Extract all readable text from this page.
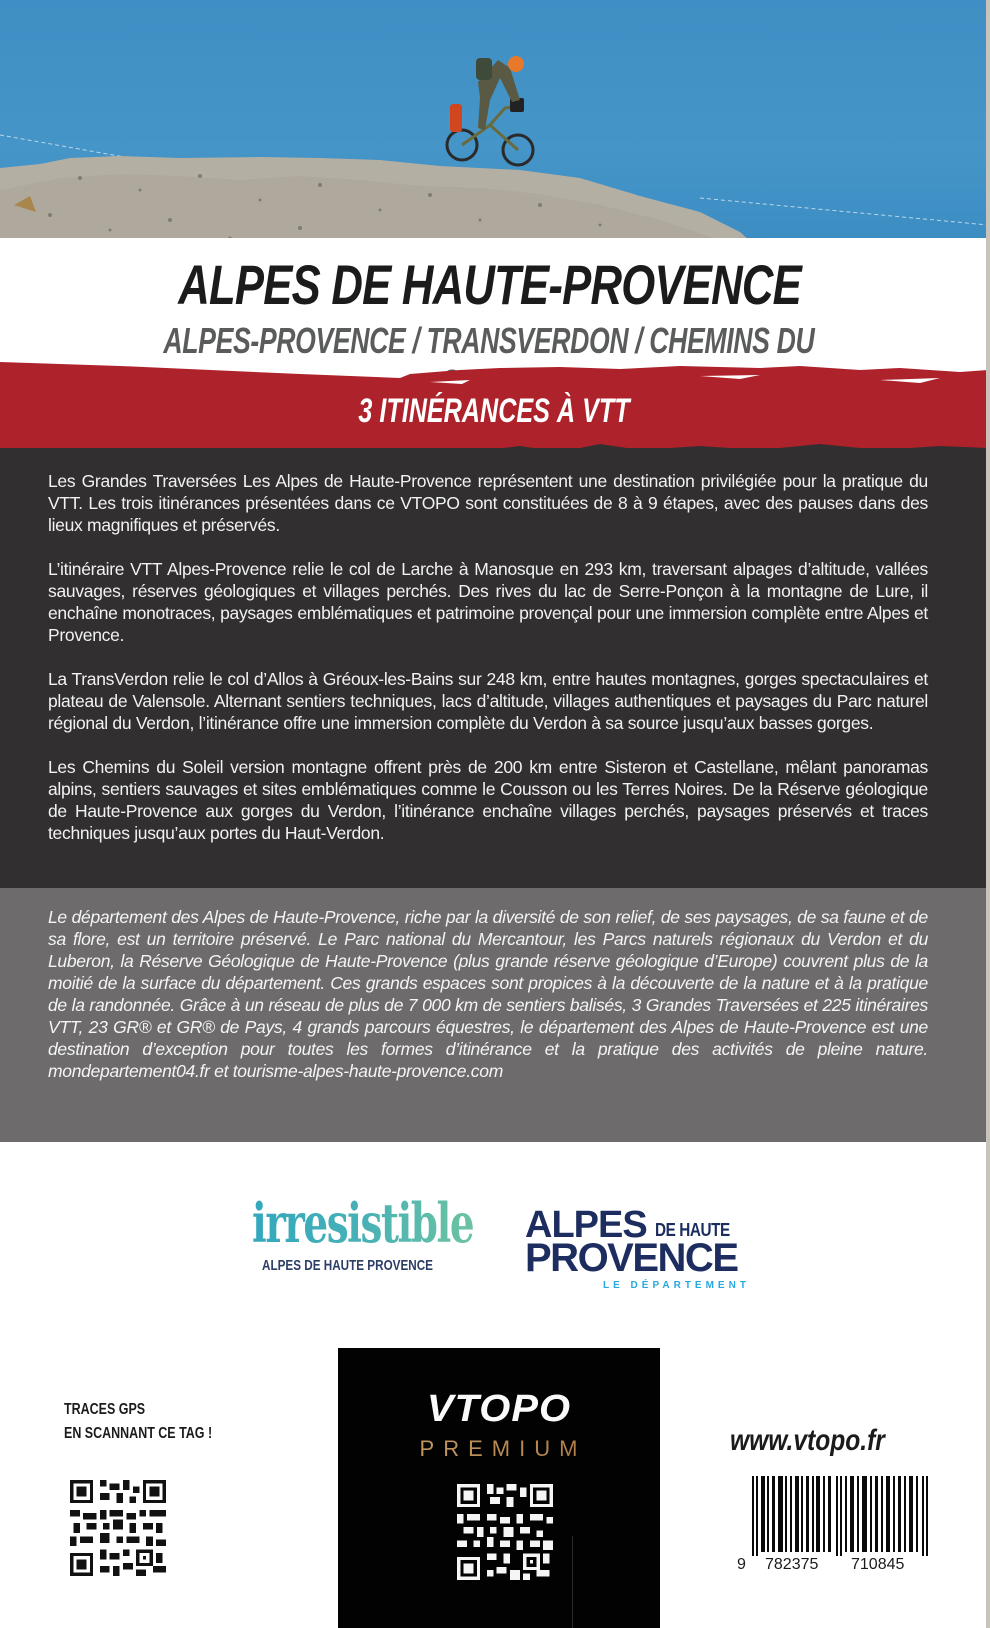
ALPES DE HAUTE-PROVENCE
ALPES-PROVENCE / TRANSVERDON / CHEMINS DU
3 ITINÉRANCES À VTT

Les Grandes Traversées Les Alpes de Haute-Provence représentent une destination privilégiée pour la pratique du VTT. Les trois itinérances présentées dans ce VTOPO sont constituées de 8 à 9 étapes, avec des pauses dans des lieux magnifiques et préservés.

L’itinéraire VTT Alpes-Provence relie le col de Larche à Manosque en 293 km, traversant alpages d’altitude, vallées sauvages, réserves géologiques et villages perchés. Des rives du lac de Serre-Ponçon à la montagne de Lure, il enchaîne monotraces, paysages emblématiques et patrimoine provençal pour une immersion complète entre Alpes et Provence.

La TransVerdon relie le col d’Allos à Gréoux-les-Bains sur 248 km, entre hautes montagnes, gorges spectaculaires et plateau de Valensole. Alternant sentiers techniques, lacs d’altitude, villages authentiques et paysages du Parc naturel régional du Verdon, l’itinérance offre une immersion complète du Verdon à sa source jusqu’aux basses gorges.

Les Chemins du Soleil version montagne offrent près de 200 km entre Sisteron et Castellane, mêlant panoramas alpins, sentiers sauvages et sites emblématiques comme le Cousson ou les Terres Noires. De la Réserve géologique de Haute-Provence aux gorges du Verdon, l’itinérance enchaîne villages perchés, paysages préservés et traces techniques jusqu’aux portes du Haut-Verdon.

Le département des Alpes de Haute-Provence, riche par la diversité de son relief, de ses paysages, de sa faune et de sa flore, est un territoire préservé. Le Parc national du Mercantour, les Parcs naturels régionaux du Verdon et du Luberon, la Réserve Géologique de Haute-Provence (plus grande réserve géologique d’Europe) couvrent plus de la moitié de la surface du département. Ces grands espaces sont propices à la découverte de la nature et à la pratique de la randonnée. Grâce à un réseau de plus de 7 000 km de sentiers balisés, 3 Grandes Traversées et 225 itinéraires VTT, 23 GR® et GR® de Pays, 4 grands parcours équestres, le département des Alpes de Haute-Provence est une destination d’exception pour toutes les formes d’itinérance et la pratique des activités de pleine nature. mondepartement04.fr et tourisme-alpes-haute-provence.com
irresistible
ALPES DE HAUTE PROVENCE
ALPES DE HAUTE
PROVENCE
LE DÉPARTEMENT
TRACES GPS
EN SCANNANT CE TAG !
VTOPO
PREMIUM	www.vtopo.fr
9 782375 710845
